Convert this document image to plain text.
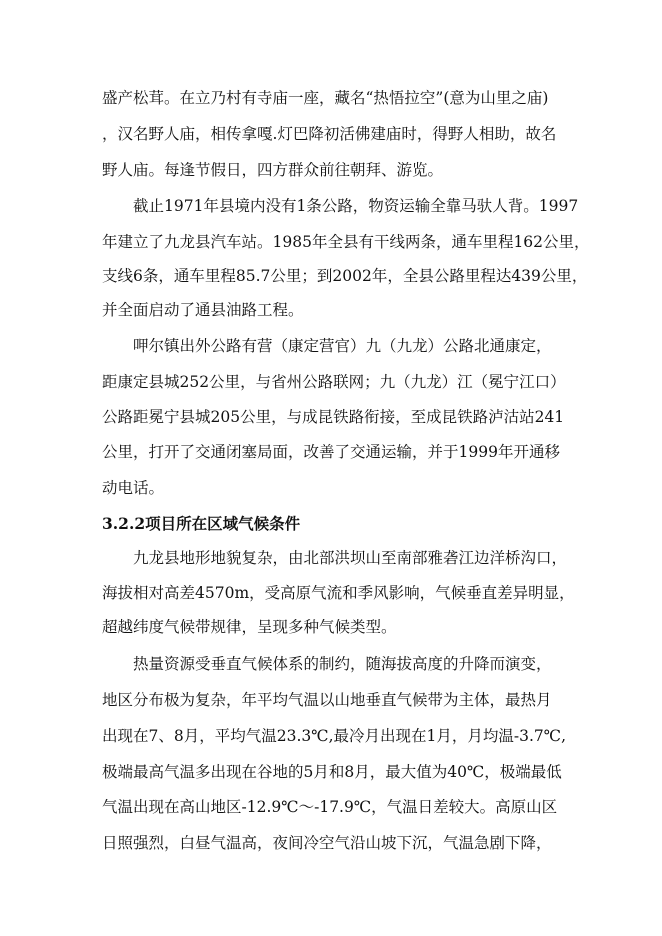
盛产松茸。在立乃村有寺庙一座，藏名“热悟拉空”(意为山里之庙)

，汉名野人庙，相传拿嘎.灯巴降初活佛建庙时，得野人相助，故名

野人庙。每逢节假日，四方群众前往朝拜、游览。

截止1971年县境内没有1条公路，物资运输全靠马驮人背。1997

年建立了九龙县汽车站。1985年全县有干线两条，通车里程162公里，

支线6条，通车里程85.7公里；到2002年，全县公路里程达439公里，

并全面启动了通县油路工程。

呷尔镇出外公路有营（康定营官）九（九龙）公路北通康定，

距康定县城252公里，与省州公路联网；九（九龙）江（冕宁江口）

公路距冕宁县城205公里，与成昆铁路衔接，至成昆铁路泸沽站241

公里，打开了交通闭塞局面，改善了交通运输，并于1999年开通移

动电话。

3.2.2项目所在区域气候条件

九龙县地形地貌复杂，由北部洪坝山至南部雅砻江边洋桥沟口，

海拔相对高差4570m，受高原气流和季风影响，气候垂直差异明显，

超越纬度气候带规律，呈现多种气候类型。

热量资源受垂直气候体系的制约，随海拔高度的升降而演变，

地区分布极为复杂，年平均气温以山地垂直气候带为主体，最热月

出现在7、8月，平均气温23.3℃,最冷月出现在1月，月均温-3.7℃,

极端最高气温多出现在谷地的5月和8月，最大值为40℃，极端最低

气温出现在高山地区-12.9℃～-17.9℃，气温日差较大。高原山区

日照强烈，白昼气温高，夜间冷空气沿山坡下沉，气温急剧下降，
